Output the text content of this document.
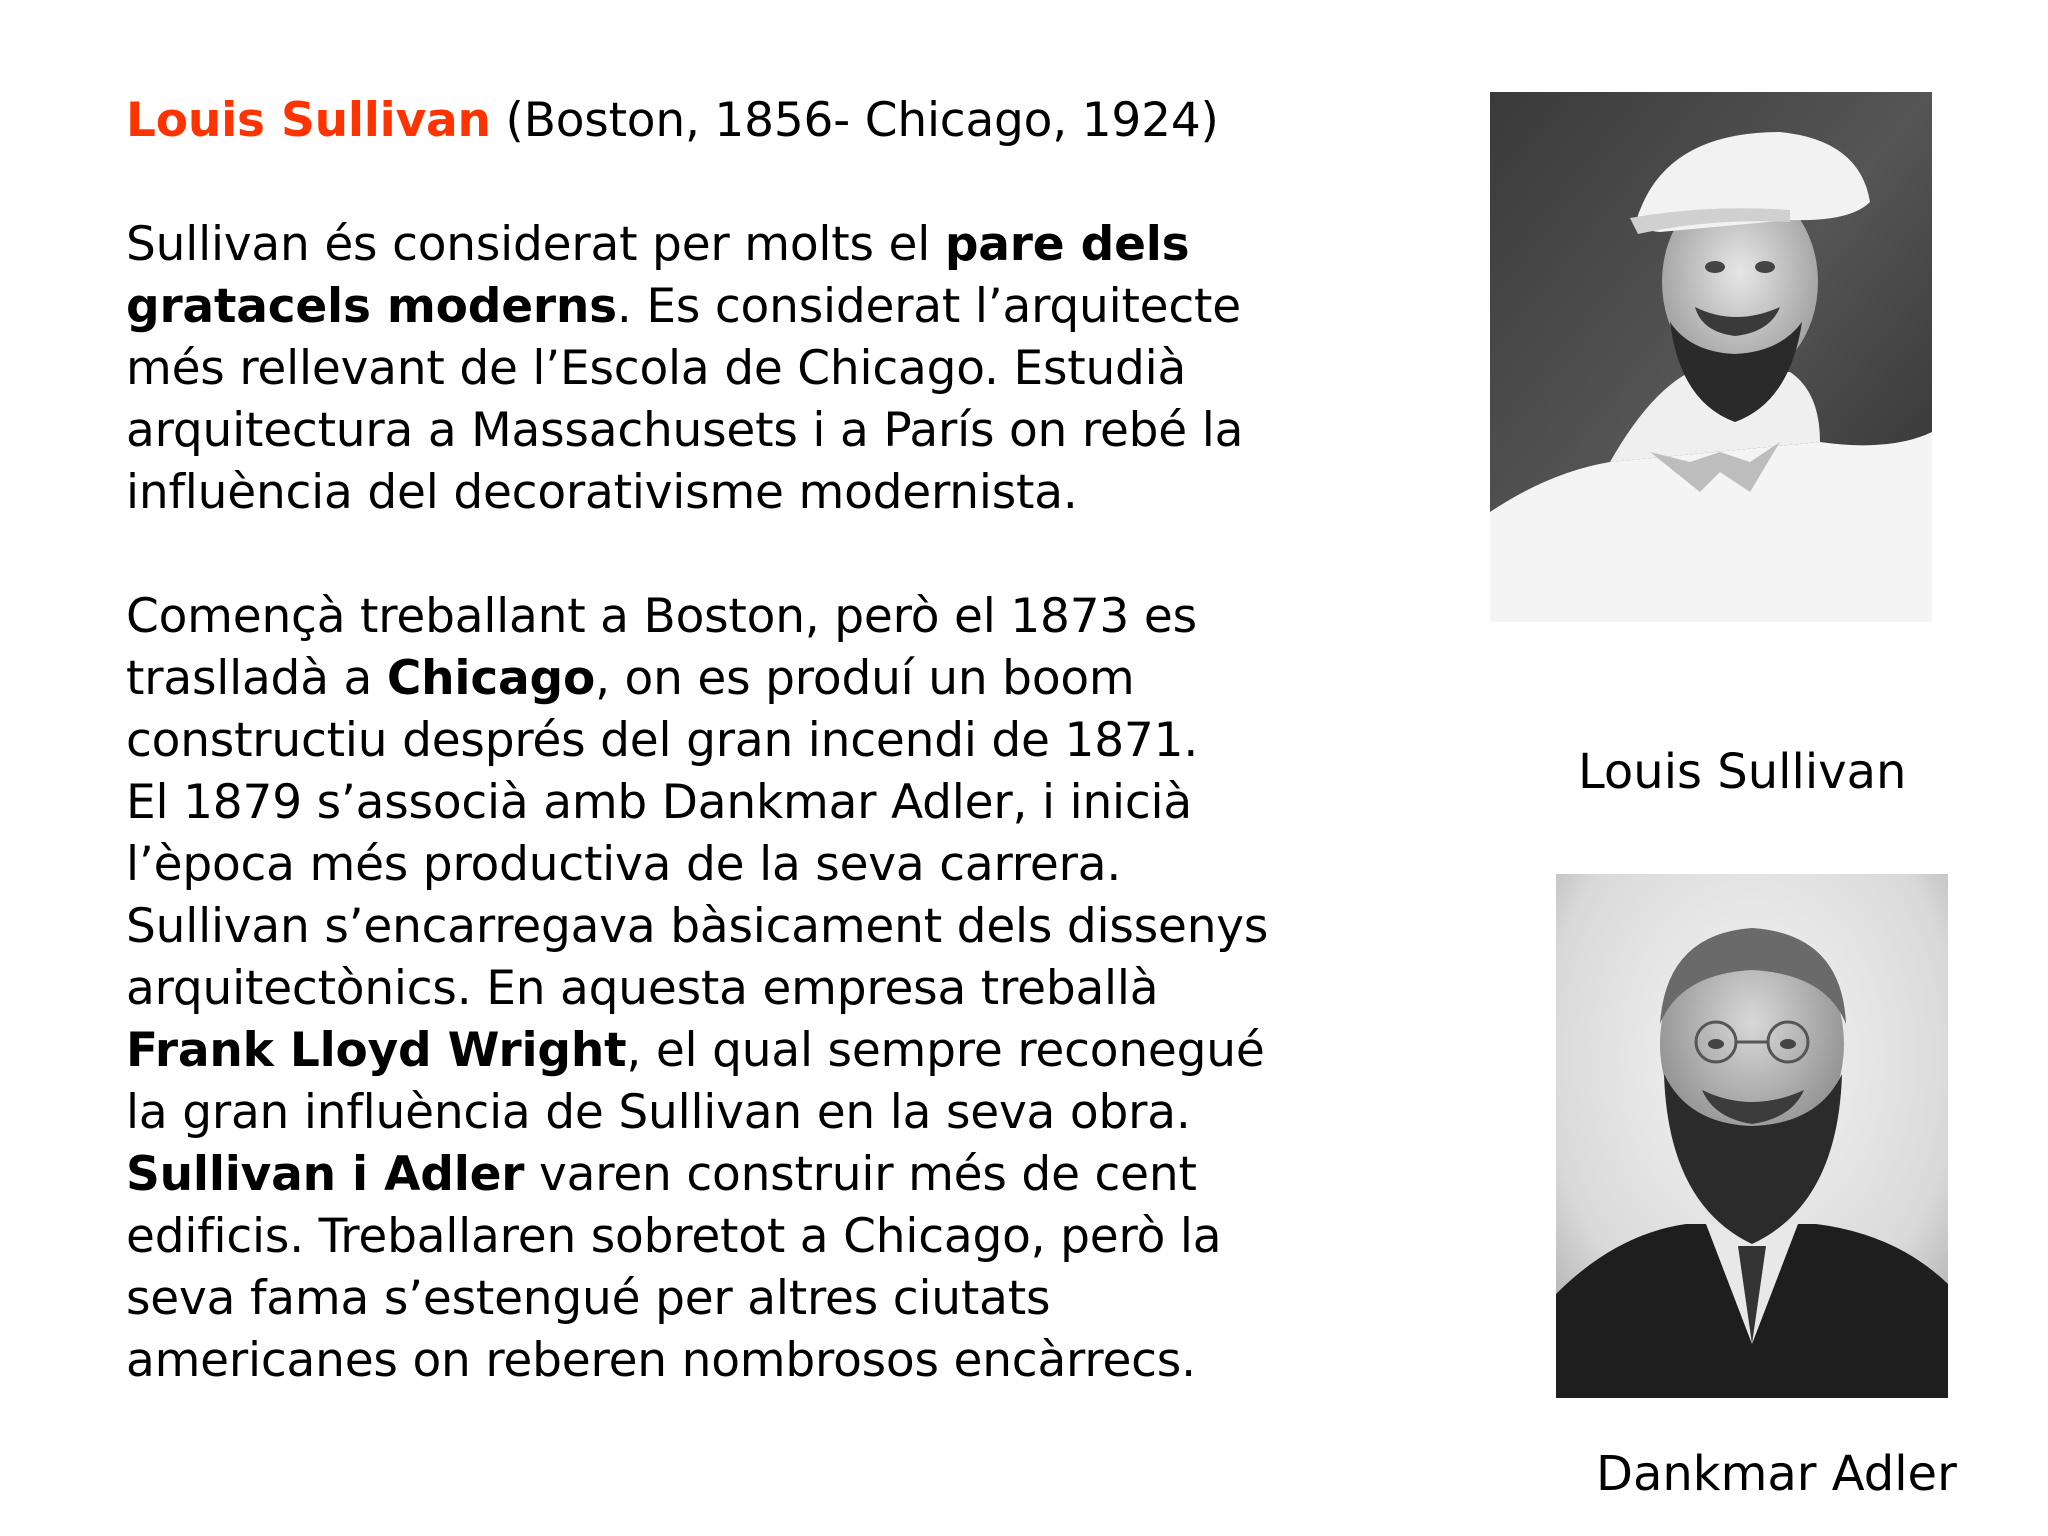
Louis Sullivan (Boston, 1856- Chicago, 1924)
Sullivan és considerat per molts el pare dels
gratacels moderns. Es considerat l’arquitecte
més rellevant de l’Escola de Chicago. Estudià
arquitectura a Massachusets i a París on rebé la
influència del decorativisme modernista.
Començà treballant a Boston, però el 1873 es
traslladà a Chicago, on es produí un boom
constructiu després del gran incendi de 1871.
El 1879 s’associà amb Dankmar Adler, i inicià
l’època més productiva de la seva carrera.
Sullivan s’encarregava bàsicament dels dissenys
arquitectònics. En aquesta empresa treballà
Frank Lloyd Wright, el qual sempre reconegué
la gran influència de Sullivan en la seva obra.
Sullivan i Adler varen construir més de cent
edificis. Treballaren sobretot a Chicago, però la
seva fama s’estengué per altres ciutats
americanes on reberen nombrosos encàrrecs.
Louis Sullivan
Dankmar Adler
